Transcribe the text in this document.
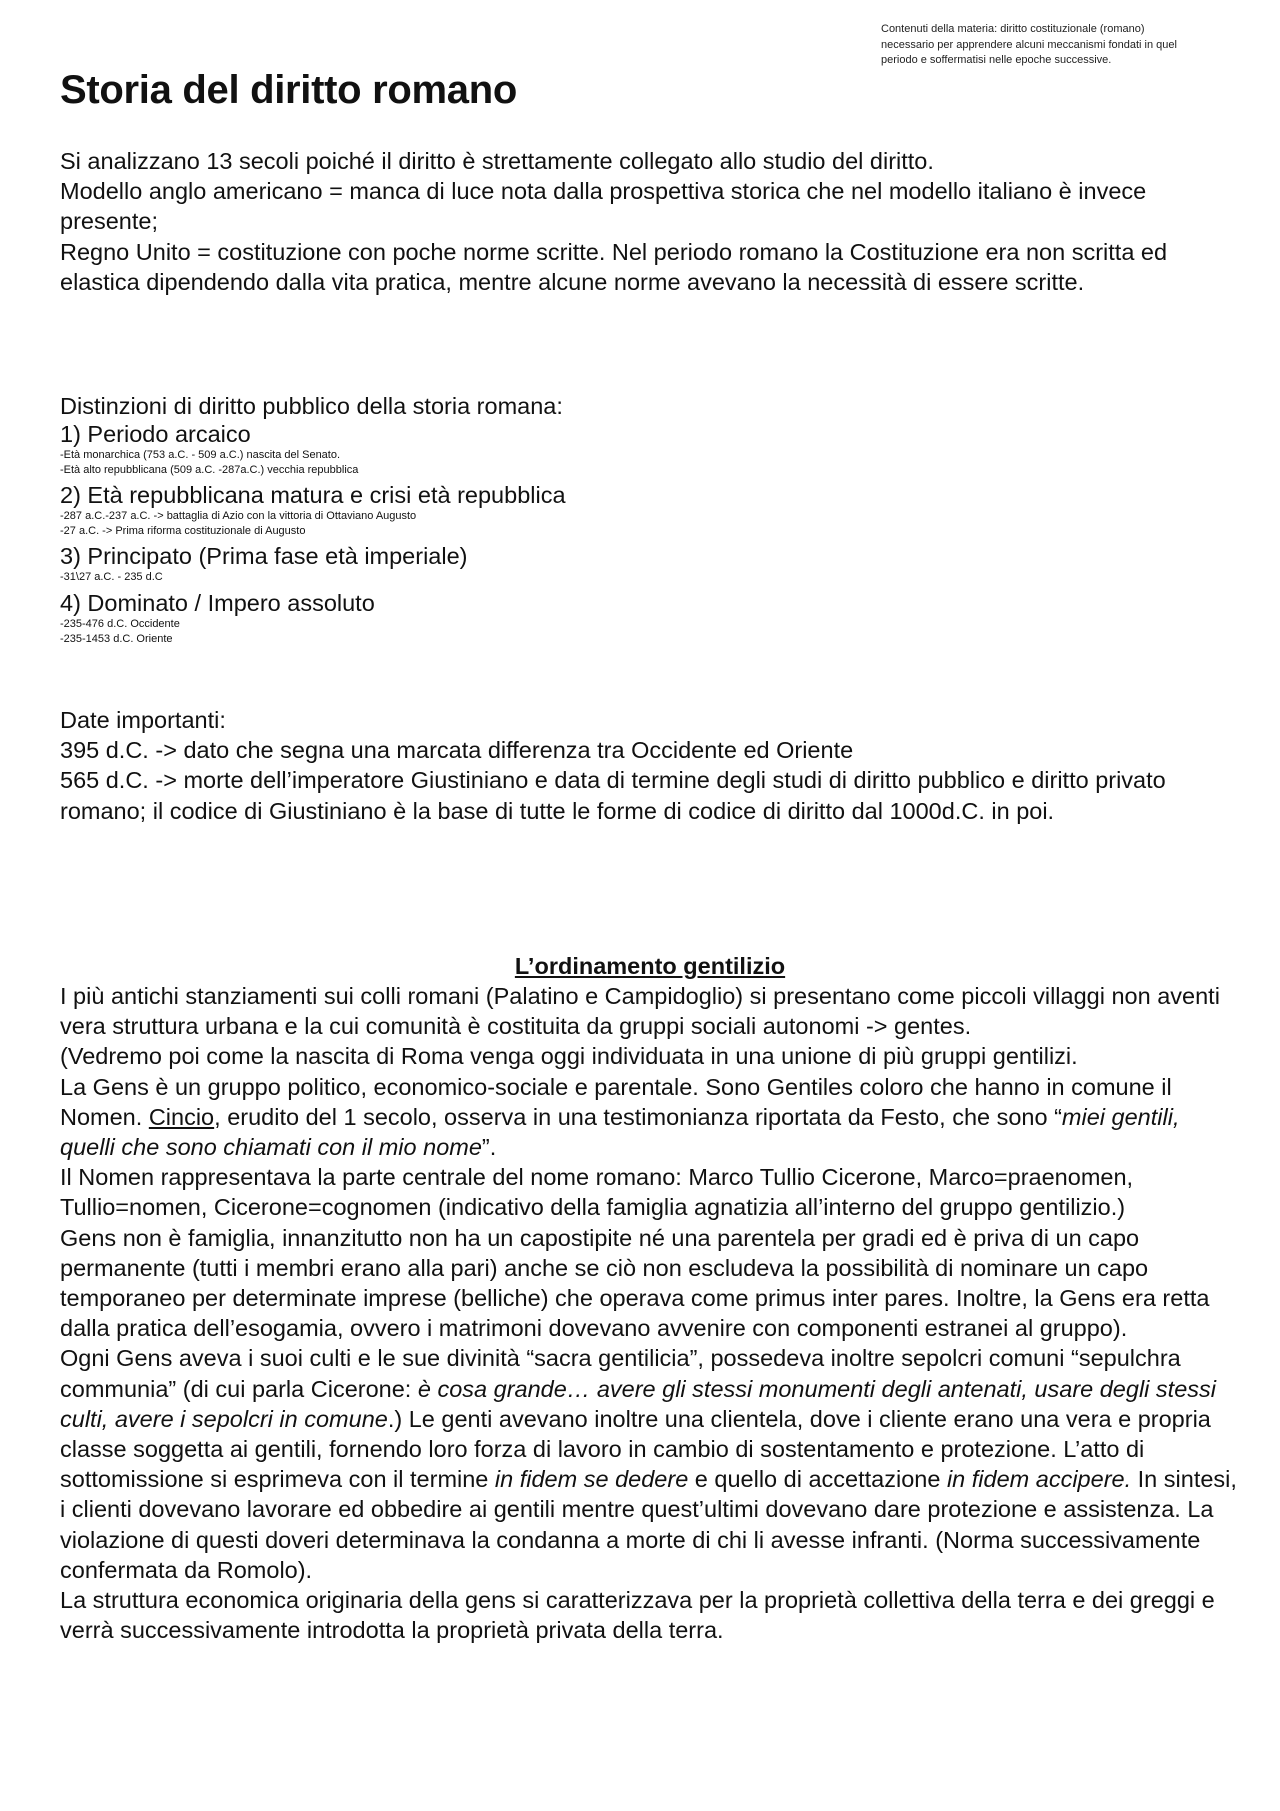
Contenuti della materia: diritto costituzionale (romano) necessario per apprendere alcuni meccanismi fondati in quel periodo e soffermatisi nelle epoche successive.
Storia del diritto romano

Si analizzano 13 secoli poiché il diritto è strettamente collegato allo studio del diritto.

Modello anglo americano = manca di luce nota dalla prospettiva storica che nel modello italiano è invece presente;

Regno Unito = costituzione con poche norme scritte. Nel periodo romano la Costituzione era non scritta ed elastica dipendendo dalla vita pratica, mentre alcune norme avevano la necessità di essere scritte.

Distinzioni di diritto pubblico della storia romana:

1) Periodo arcaico

-Età monarchica (753 a.C. - 509 a.C.) nascita del Senato.

-Età alto repubblicana (509 a.C. -287a.C.) vecchia repubblica

2) Età repubblicana matura e crisi età repubblica

-287 a.C.-237 a.C. -> battaglia di Azio con la vittoria di Ottaviano Augusto

-27 a.C. -> Prima riforma costituzionale di Augusto

3) Principato (Prima fase età imperiale)

-31\27 a.C. - 235 d.C

4) Dominato / Impero assoluto

-235-476 d.C. Occidente

-235-1453 d.C. Oriente

Date importanti:

395 d.C. -> dato che segna una marcata differenza tra Occidente ed Oriente

565 d.C. -> morte dell’imperatore Giustiniano e data di termine degli studi di diritto pubblico e diritto privato romano; il codice di Giustiniano è la base di tutte le forme di codice di diritto dal 1000d.C. in poi.

L’ordinamento gentilizio

I più antichi stanziamenti sui colli romani (Palatino e Campidoglio) si presentano come piccoli villaggi non aventi vera struttura urbana e la cui comunità è costituita da gruppi sociali autonomi -> gentes.

(Vedremo poi come la nascita di Roma venga oggi individuata in una unione di più gruppi gentilizi.

La Gens è un gruppo politico, economico-sociale e parentale. Sono Gentiles coloro che hanno in comune il Nomen. Cincio, erudito del 1 secolo, osserva in una testimonianza riportata da Festo, che sono “miei gentili, quelli che sono chiamati con il mio nome”.

Il Nomen rappresentava la parte centrale del nome romano: Marco Tullio Cicerone, Marco=praenomen, Tullio=nomen, Cicerone=cognomen (indicativo della famiglia agnatizia all’interno del gruppo gentilizio.)

Gens non è famiglia, innanzitutto non ha un capostipite né una parentela per gradi ed è priva di un capo permanente (tutti i membri erano alla pari) anche se ciò non escludeva la possibilità di nominare un capo temporaneo per determinate imprese (belliche) che operava come primus inter pares. Inoltre, la Gens era retta dalla pratica dell’esogamia, ovvero i matrimoni dovevano avvenire con componenti estranei al gruppo).

Ogni Gens aveva i suoi culti e le sue divinità “sacra gentilicia”, possedeva inoltre sepolcri comuni “sepulchra communia” (di cui parla Cicerone: è cosa grande… avere gli stessi monumenti degli antenati, usare degli stessi culti, avere i sepolcri in comune.) Le genti avevano inoltre una clientela, dove i cliente erano una vera e propria classe soggetta ai gentili, fornendo loro forza di lavoro in cambio di sostentamento e protezione. L’atto di sottomissione si esprimeva con il termine in fidem se dedere e quello di accettazione in fidem accipere. In sintesi, i clienti dovevano lavorare ed obbedire ai gentili mentre quest’ultimi dovevano dare protezione e assistenza. La violazione di questi doveri determinava la condanna a morte di chi li avesse infranti. (Norma successivamente confermata da Romolo).

La struttura economica originaria della gens si caratterizzava per la proprietà collettiva della terra e dei greggi e verrà successivamente introdotta la proprietà privata della terra.
